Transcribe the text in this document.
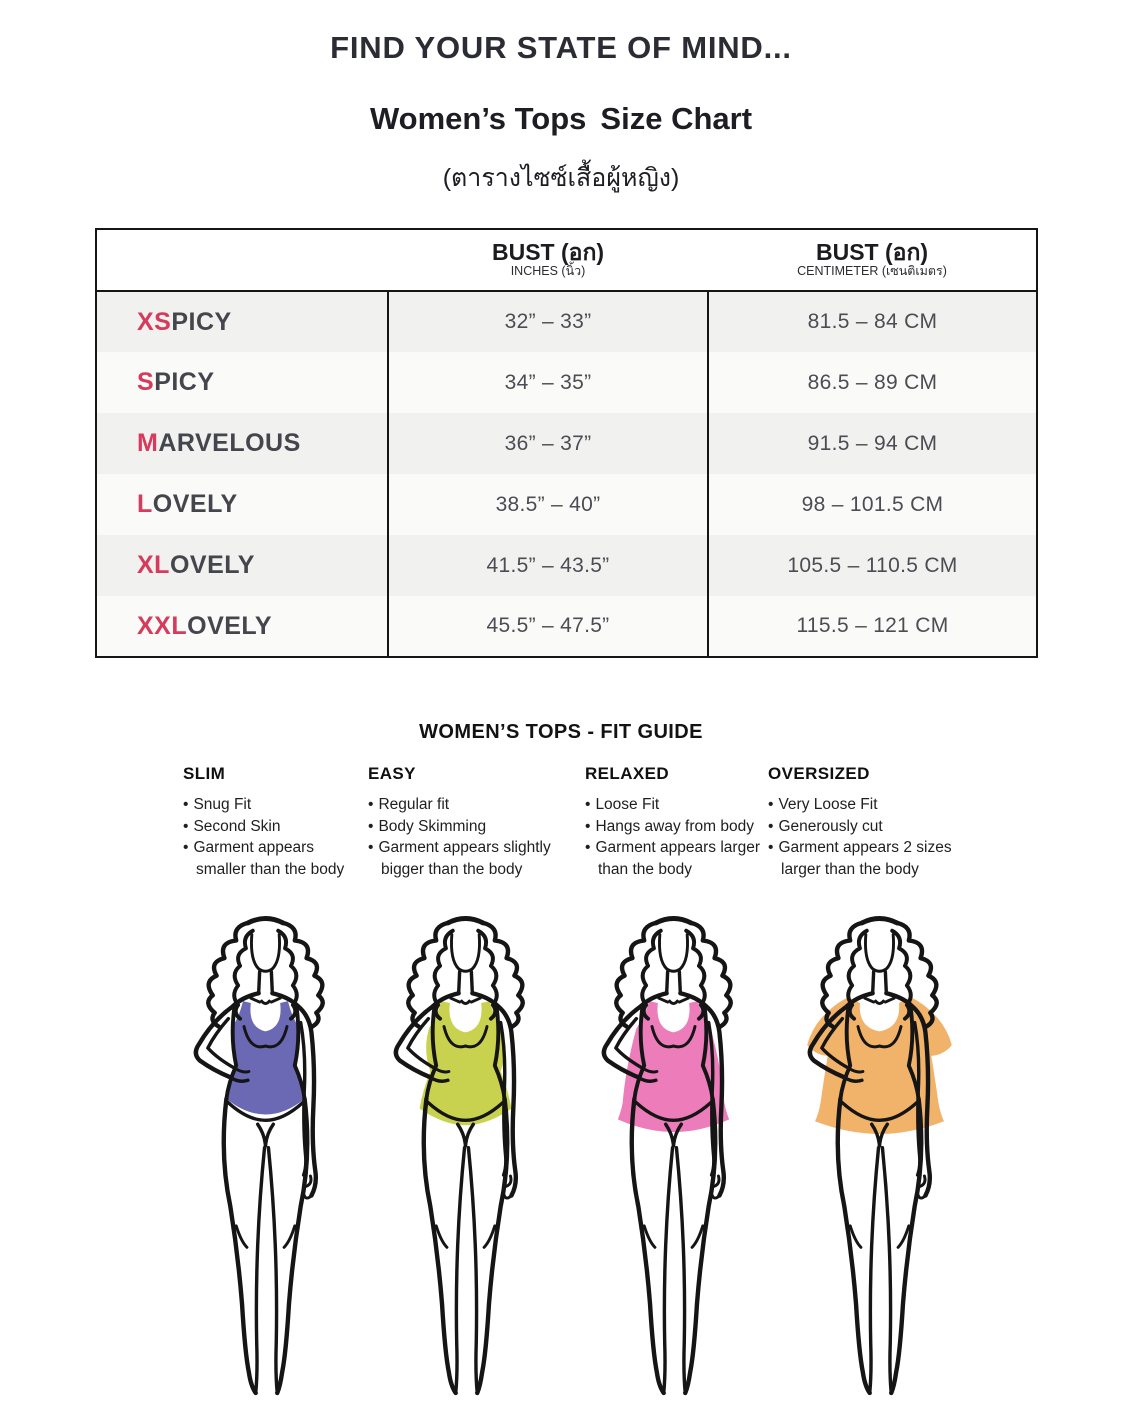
FIND YOUR STATE OF MIND...
Women’s Tops Size Chart
(ตารางไซซ์เสื้อผู้หญิง)

BUST (อก)
INCHES (นิ้ว)

BUST (อก)
CENTIMETER (เซนติเมตร)

XSPICY	32” – 33”	81.5 – 84 CM
SPICY	34” – 35”	86.5 – 89 CM
MARVELOUS	36” – 37”	91.5 – 94 CM
LOVELY	38.5” – 40”	98 – 101.5 CM
XLOVELY	41.5” – 43.5”	105.5 – 110.5 CM
XXLOVELY	45.5” – 47.5”	115.5 – 121 CM
WOMEN’S TOPS - FIT GUIDE
SLIM
• Snug Fit
• Second Skin
• Garment appears smaller than the body
EASY
• Regular fit
• Body Skimming
• Garment appears slightly bigger than the body
RELAXED
• Loose Fit
• Hangs away from body
• Garment appears larger than the body
OVERSIZED
• Very Loose Fit
• Generously cut
• Garment appears 2 sizes larger than the body
